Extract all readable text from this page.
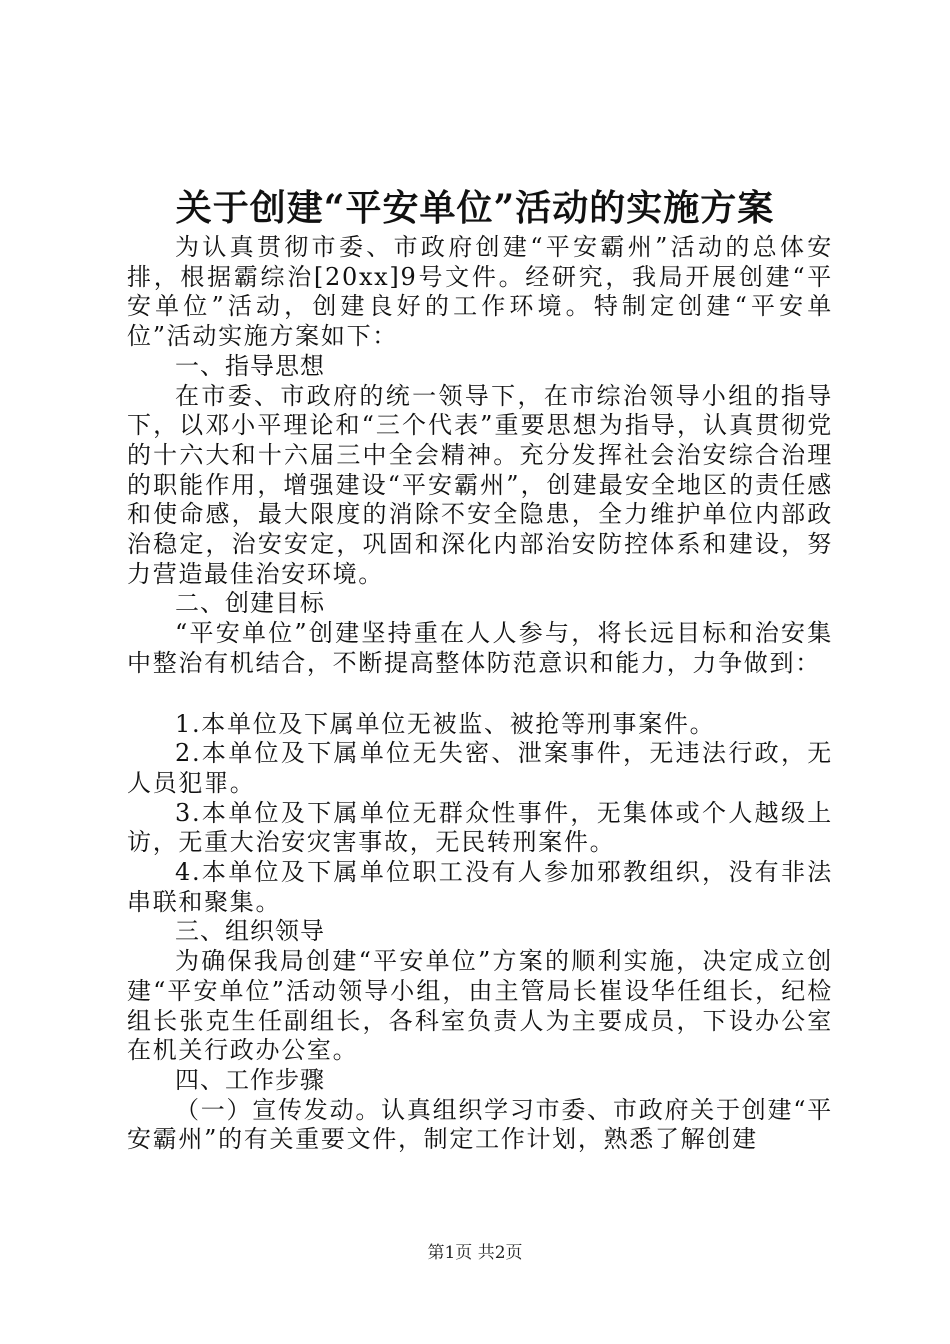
关于创建“平安单位”活动的实施方案

为认真贯彻市委、市政府创建“平安霸州”活动的总体安排，根据霸综治[20xx]9号文件。经研究，我局开展创建“平安单位”活动，创建良好的工作环境。特制定创建“平安单位”活动实施方案如下：

一、指导思想

在市委、市政府的统一领导下，在市综治领导小组的指导下，以邓小平理论和“三个代表”重要思想为指导，认真贯彻党的十六大和十六届三中全会精神。充分发挥社会治安综合治理的职能作用，增强建设“平安霸州”，创建最安全地区的责任感和使命感，最大限度的消除不安全隐患，全力维护单位内部政治稳定，治安安定，巩固和深化内部治安防控体系和建设，努力营造最佳治安环境。

二、创建目标

“平安单位”创建坚持重在人人参与，将长远目标和治安集中整治有机结合，不断提高整体防范意识和能力，力争做到：

1.本单位及下属单位无被监、被抢等刑事案件。

2.本单位及下属单位无失密、泄案事件，无违法行政，无人员犯罪。

3.本单位及下属单位无群众性事件，无集体或个人越级上访，无重大治安灾害事故，无民转刑案件。

4.本单位及下属单位职工没有人参加邪教组织，没有非法串联和聚集。

三、组织领导

为确保我局创建“平安单位”方案的顺利实施，决定成立创建“平安单位”活动领导小组，由主管局长崔设华任组长，纪检组长张克生任副组长，各科室负责人为主要成员，下设办公室在机关行政办公室。

四、工作步骤

（一）宣传发动。认真组织学习市委、市政府关于创建“平安霸州”的有关重要文件，制定工作计划，熟悉了解创建

第1页 共2页
